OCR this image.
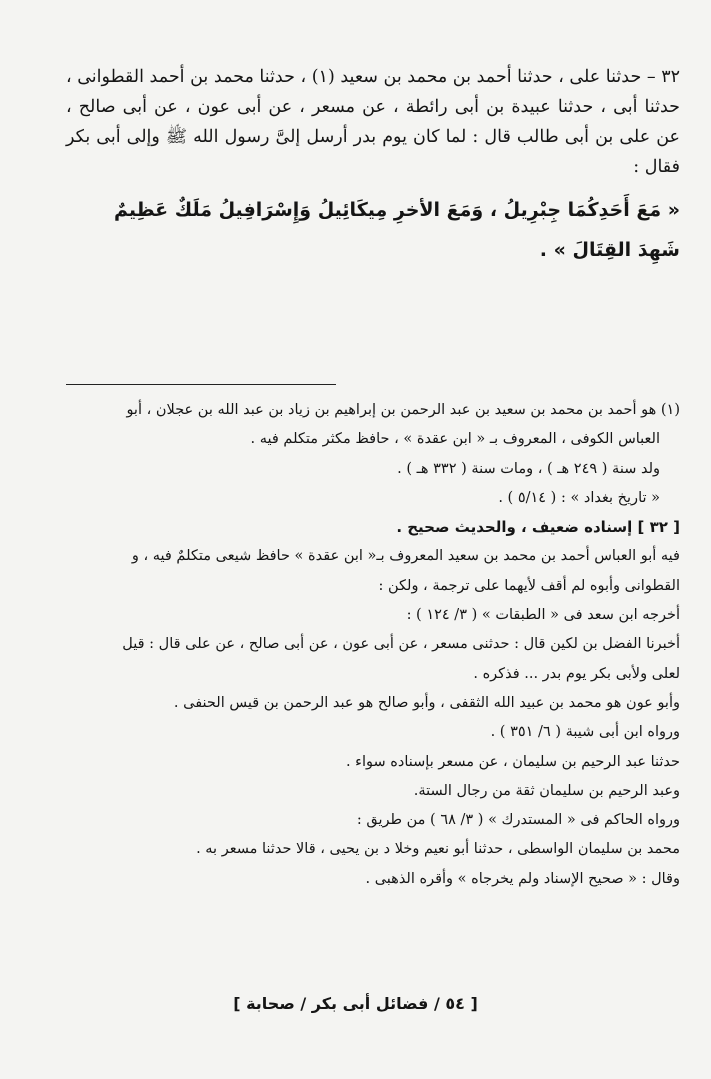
٣٢ – حدثنا على ، حدثنا أحمد بن محمد بن سعيد (١) ، حدثنا محمد بن أحمد القطوانى ، حدثنا أبى ، حدثنا عبيدة بن أبى رائطة ، عن مسعر ، عن أبى عون ، عن أبى صالح ، عن على بن أبى طالب قال : لما كان يوم بدر أرسل إلىَّ رسول الله ﷺ وإلى أبى بكر فقال :

« مَعَ أَحَدِكُمَا جِبْرِيلُ ، وَمَعَ الأخرِ مِيكَائِيلُ وَإِسْرَافِيلُ مَلَكٌ عَظِيمٌ شَهِدَ القِتَالَ » .

(١) هو أحمد بن محمد بن سعيد بن عبد الرحمن بن إبراهيم بن زياد بن عبد الله بن عجلان ، أبو

العباس الكوفى ، المعروف بـ « ابن عقدة » ، حافظ مكثر متكلم فيه .

ولد سنة ( ٢٤٩ هـ ) ، ومات سنة ( ٣٣٢ هـ ) .

« تاريخ بغداد » : ( ٥/١٤ ) .

[ ٣٢ ] إسناده ضعيف ، والحديث صحيح .

فيه أبو العباس أحمد بن محمد بن سعيد المعروف بـ« ابن عقدة » حافظ شيعى متكلمٌ فيه ، و

القطوانى وأبوه لم أقف لأيهما على ترجمة ، ولكن :

أخرجه ابن سعد فى « الطبقات » ( ٣/ ١٢٤ ) :

أخبرنا الفضل بن لكين قال : حدثنى مسعر ، عن أبى عون ، عن أبى صالح ، عن على قال : قيل

لعلى ولأبى بكر يوم بدر ... فذكره .

وأبو عون هو محمد بن عبيد الله الثقفى ، وأبو صالح هو عبد الرحمن بن قيس الحنفى .

ورواه ابن أبى شيبة ( ٦/ ٣٥١ ) .

حدثنا عبد الرحيم بن سليمان ، عن مسعر بإسناده سواء .

وعبد الرحيم بن سليمان ثقة من رجال الستة.

ورواه الحاكم فى « المستدرك » ( ٣/ ٦٨ ) من طريق :

محمد بن سليمان الواسطى ، حدثنا أبو نعيم وخلا د بن يحيى ، قالا حدثنا مسعر به .

وقال : « صحيح الإسناد ولم يخرجاه » وأقره الذهبى .

[ ٥٤ / فضائل أبى بكر / صحابة ]
